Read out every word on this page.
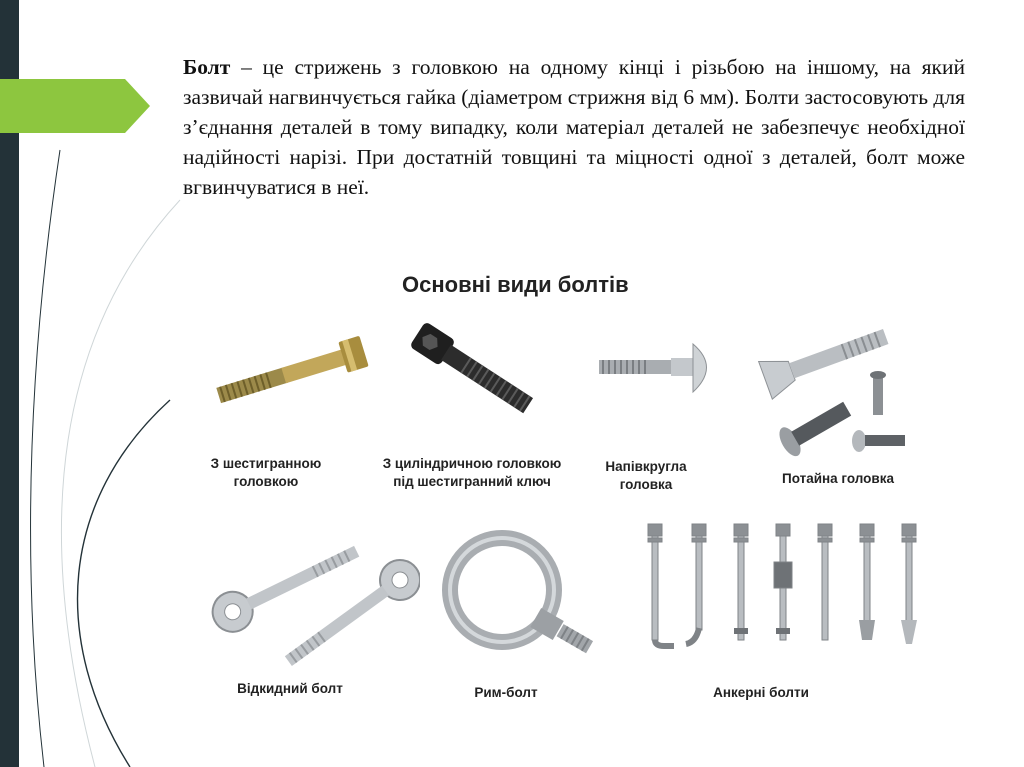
Болт – це стрижень з головкою на одному кінці і різьбою на іншому, на який зазвичай нагвинчується гайка (діаметром стрижня від 6 мм). Болти застосовують для з’єднання деталей в тому випадку, коли матеріал деталей не забезпечує необхідної надійності нарізі. При достатній товщині та міцності одної з деталей, болт може вгвинчуватися в неї.
Основні види болтів
З шестигранною
головкою
З циліндричною головкою
під шестигранний ключ
Напівкругла
головка	Потайна головка
Відкидний болт	Рим-болт	Анкерні болти
